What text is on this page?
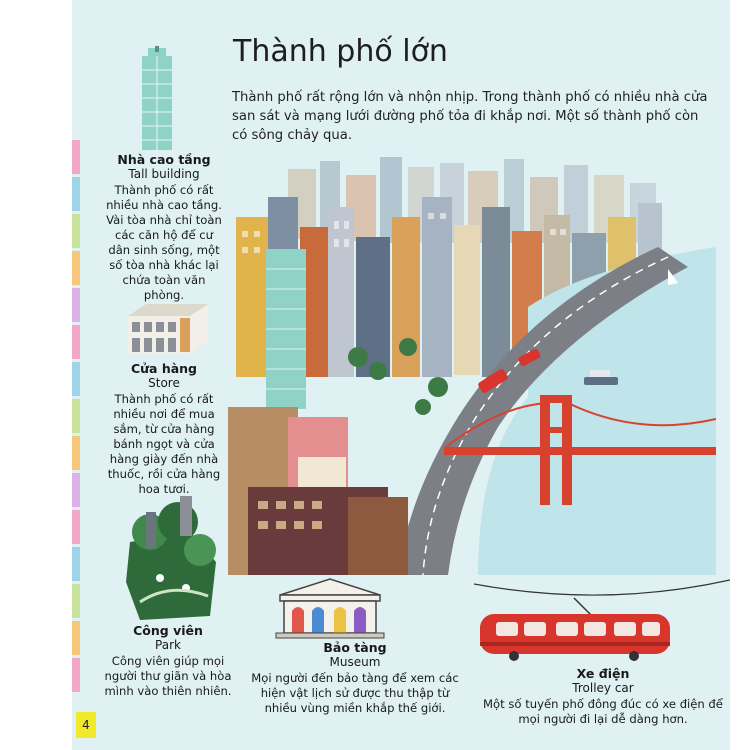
Thành phố lớn
Thành phố rất rộng lớn và nhộn nhịp. Trong thành phố có nhiều nhà cửa san sát và mạng lưới đường phố tỏa đi khắp nơi. Một số thành phố còn có sông chảy qua.
Nhà cao tầng
Tall building
Thành phố có rất nhiều nhà cao tầng. Vài tòa nhà chỉ toàn các căn hộ để cư dân sinh sống, một số tòa nhà khác lại chứa toàn văn phòng.
Cửa hàng
Store
Thành phố có rất nhiều nơi để mua sắm, từ cửa hàng bánh ngọt và cửa hàng giày đến nhà thuốc, rồi cửa hàng hoa tươi.
Công viên
Park
Công viên giúp mọi người thư giãn và hòa mình vào thiên nhiên.
Bảo tàng
Museum
Mọi người đến bảo tàng để xem các hiện vật lịch sử được thu thập từ nhiều vùng miền khắp thế giới.
Xe điện
Trolley car
Một số tuyến phố đông đúc có xe điện để mọi người đi lại dễ dàng hơn.
4
